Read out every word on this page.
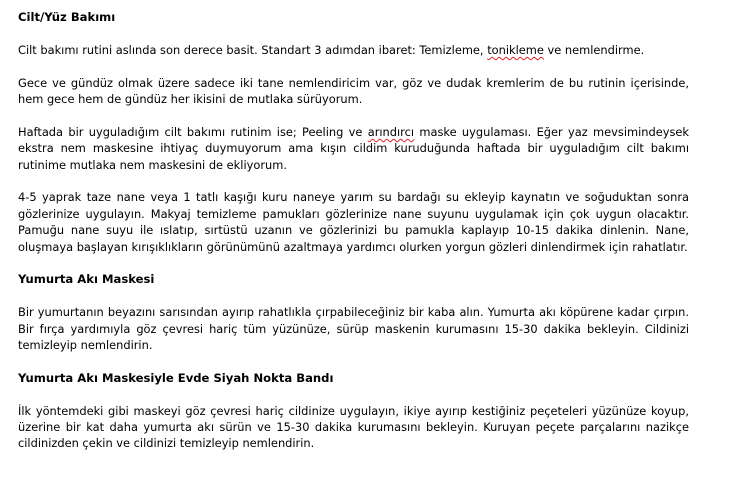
Cilt/Yüz Bakımı

Cilt bakımı rutini aslında son derece basit. Standart 3 adımdan ibaret: Temizleme, tonikleme ve nemlendirme.

Gece ve gündüz olmak üzere sadece iki tane nemlendiricim var, göz ve dudak kremlerim de bu rutinin içerisinde, hem gece hem de gündüz her ikisini de mutlaka sürüyorum.

Haftada bir uyguladığım cilt bakımı rutinim ise; Peeling ve arındırcı maske uygulaması. Eğer yaz mevsimindeysek ekstra nem maskesine ihtiyaç duymuyorum ama kışın cildim kuruduğunda haftada bir uyguladığım cilt bakımı rutinime mutlaka nem maskesini de ekliyorum.

4-5 yaprak taze nane veya 1 tatlı kaşığı kuru naneye yarım su bardağı su ekleyip kaynatın ve soğuduktan sonra gözlerinize uygulayın. Makyaj temizleme pamukları gözlerinize nane suyunu uygulamak için çok uygun olacaktır. Pamuğu nane suyu ile ıslatıp, sırtüstü uzanın ve gözlerinizi bu pamukla kaplayıp 10-15 dakika dinlenin. Nane, oluşmaya başlayan kırışıklıkların görünümünü azaltmaya yardımcı olurken yorgun gözleri dinlendirmek için rahatlatır.

Yumurta Akı Maskesi

Bir yumurtanın beyazını sarısından ayırıp rahatlıkla çırpabileceğiniz bir kaba alın. Yumurta akı köpürene kadar çırpın. Bir fırça yardımıyla göz çevresi hariç tüm yüzünüze, sürüp maskenin kurumasını 15-30 dakika bekleyin. Cildinizi temizleyip nemlendirin.

Yumurta Akı Maskesiyle Evde Siyah Nokta Bandı

İlk yöntemdeki gibi maskeyi göz çevresi hariç cildinize uygulayın, ikiye ayırıp kestiğiniz peçeteleri yüzünüze koyup, üzerine bir kat daha yumurta akı sürün ve 15-30 dakika kurumasını bekleyin. Kuruyan peçete parçalarını nazikçe cildinizden çekin ve cildinizi temizleyip nemlendirin.
